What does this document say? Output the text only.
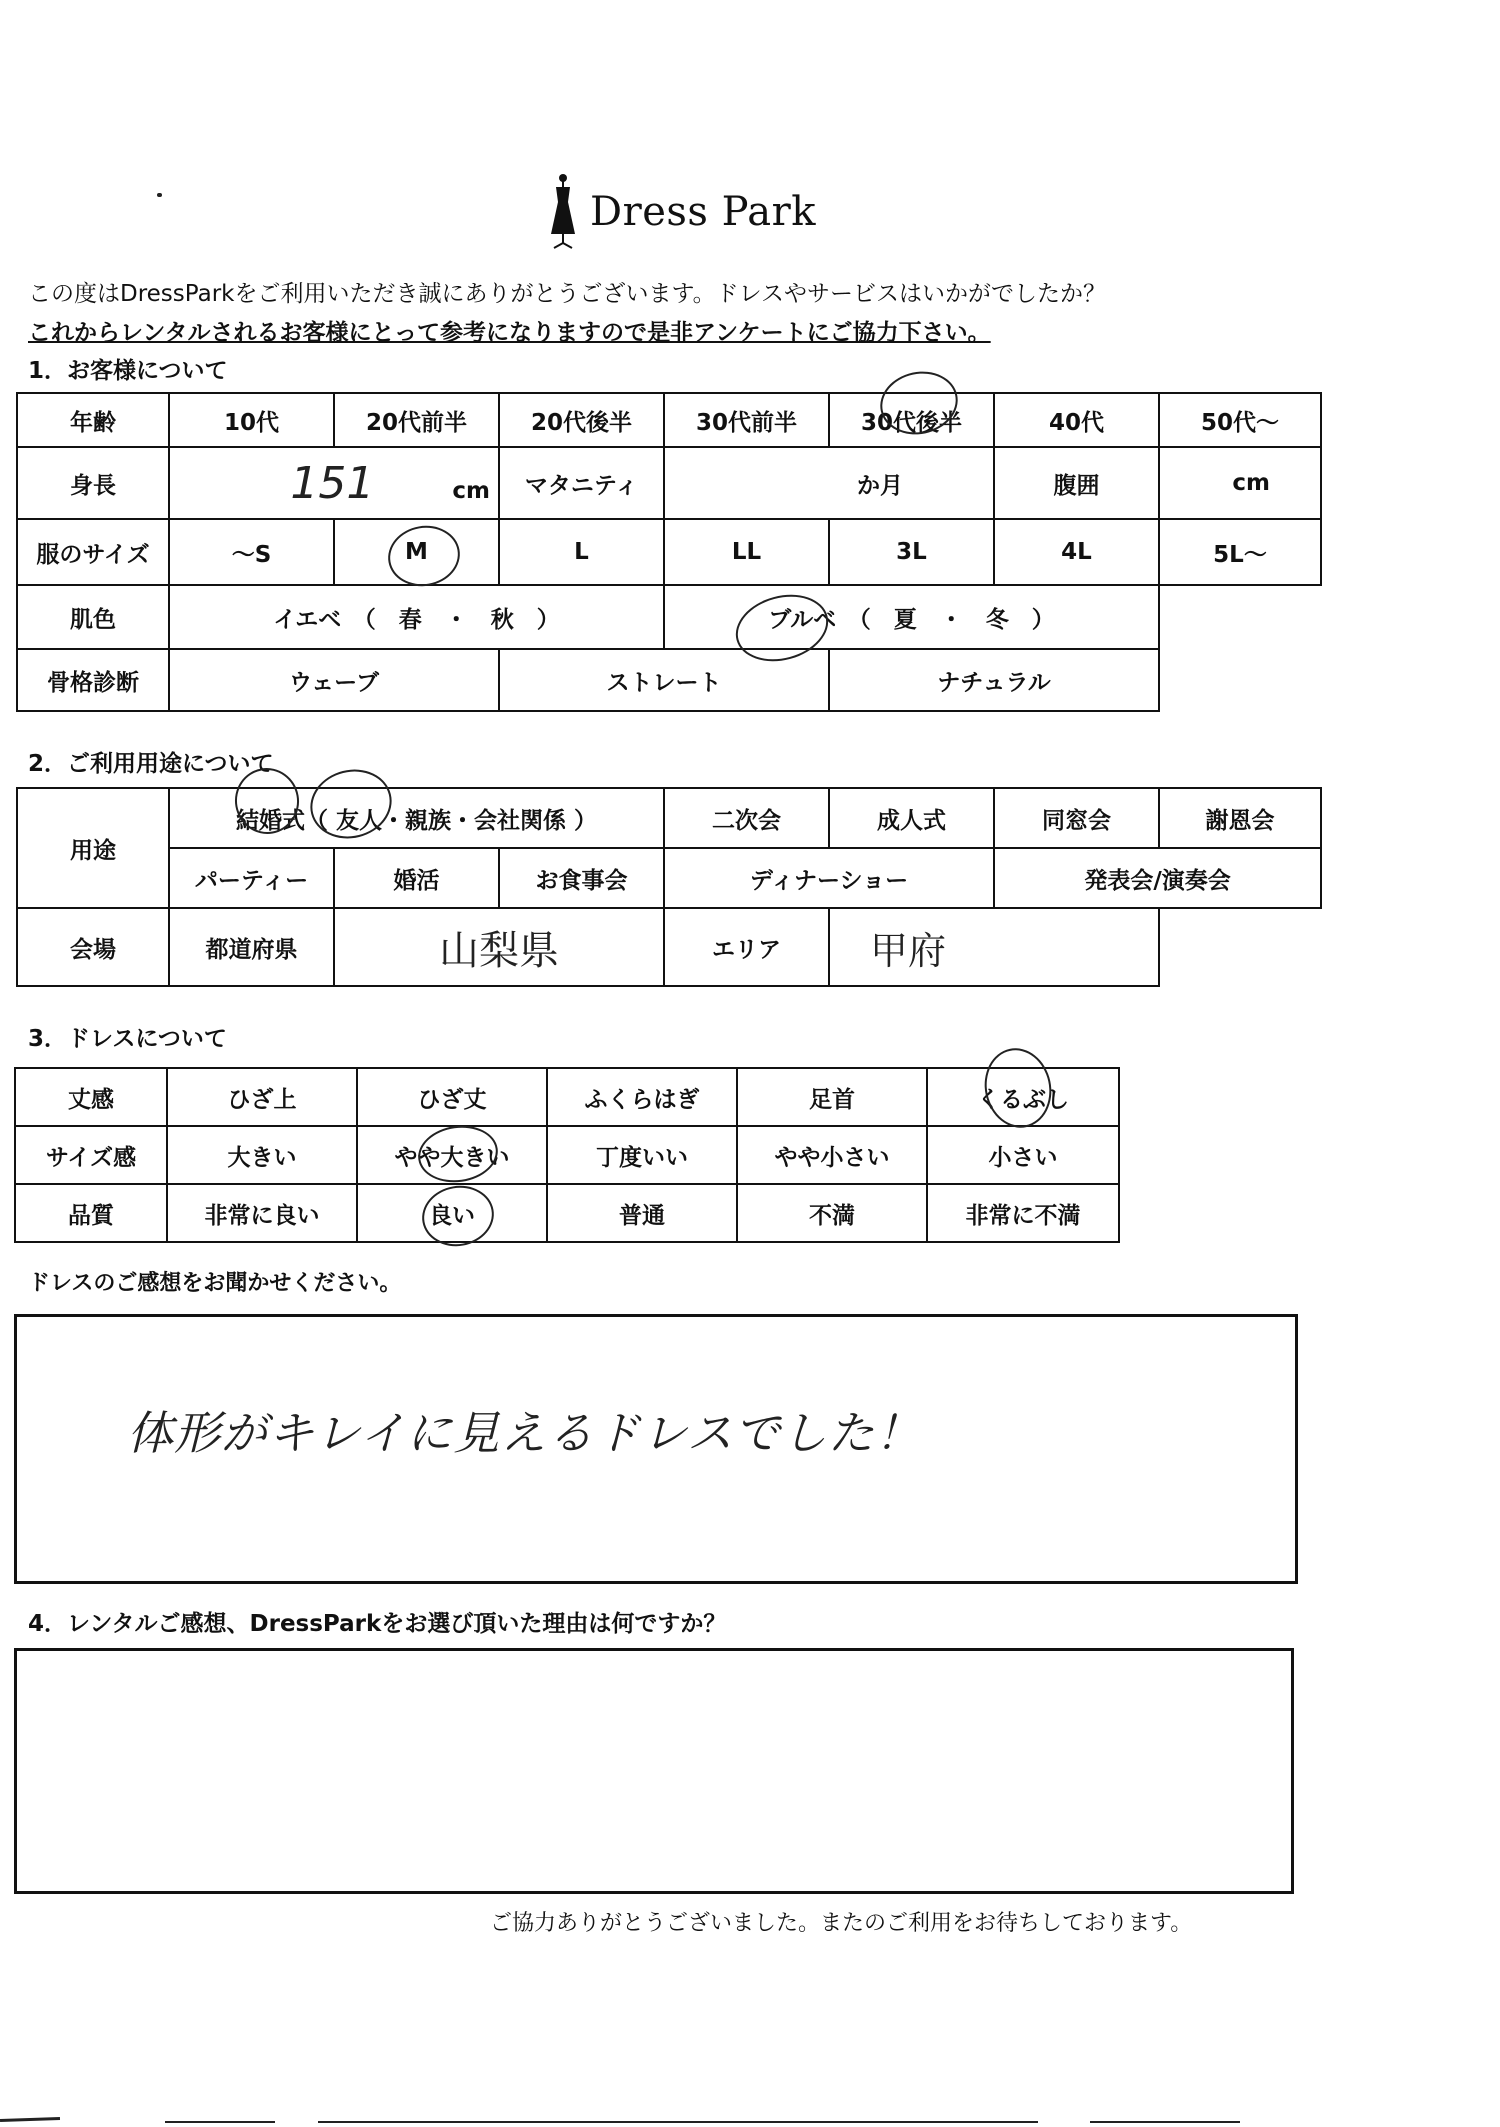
Dress Park
この度はDressParkをご利用いただき誠にありがとうございます。ドレスやサービスはいかがでしたか？
これからレンタルされるお客様にとって参考になりますので是非アンケートにご協力下さい。
1．お客様について
年齢	10代	20代前半	20代後半	30代前半	30代後半	40代	50代～
身長	151 cm		マタニティ	か月		腹囲	cm
服のサイズ	～S	M	L	LL	3L	4L	5L～
肌色	イエベ　（　春　・　秋　）			ブルベ　（　夏　・　冬　）			
骨格診断	ウェーブ		ストレート		ナチュラル		
2．ご利用用途について
用途	結婚式（ 友人・親族・会社関係 ）			二次会	成人式	同窓会	謝恩会
	パーティー	婚活	お食事会	ディナーショー		発表会/演奏会	
会場	都道府県	山梨県		エリア	甲府		
3．ドレスについて
丈感	ひざ上	ひざ丈	ふくらはぎ	足首	くるぶし
サイズ感	大きい	やや大きい	丁度いい	やや小さい	小さい
品質	非常に良い	良い	普通	不満	非常に不満
ドレスのご感想をお聞かせください。
体形がキレイに見えるドレスでした！
4．レンタルご感想、DressParkをお選び頂いた理由は何ですか？
ご協力ありがとうございました。またのご利用をお待ちしております。
